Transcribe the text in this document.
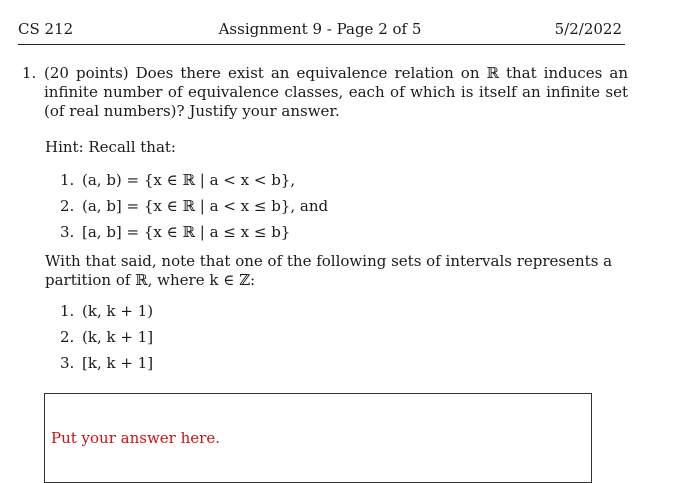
CS 212	Assignment 9 - Page 2 of 5	5/2/2022
1. (20 points) Does there exist an equivalence relation on ℝ that induces an infinite number of equivalence classes, each of which is itself an infinite set (of real numbers)? Justify your answer.
Hint: Recall that:
1. (a, b) = {x ∈ ℝ | a < x < b},
2. (a, b] = {x ∈ ℝ | a < x ≤ b}, and
3. [a, b] = {x ∈ ℝ | a ≤ x ≤ b}
With that said, note that one of the following sets of intervals represents a partition of ℝ, where k ∈ ℤ:
1. (k, k + 1)
2. (k, k + 1]
3. [k, k + 1]
Put your answer here.
